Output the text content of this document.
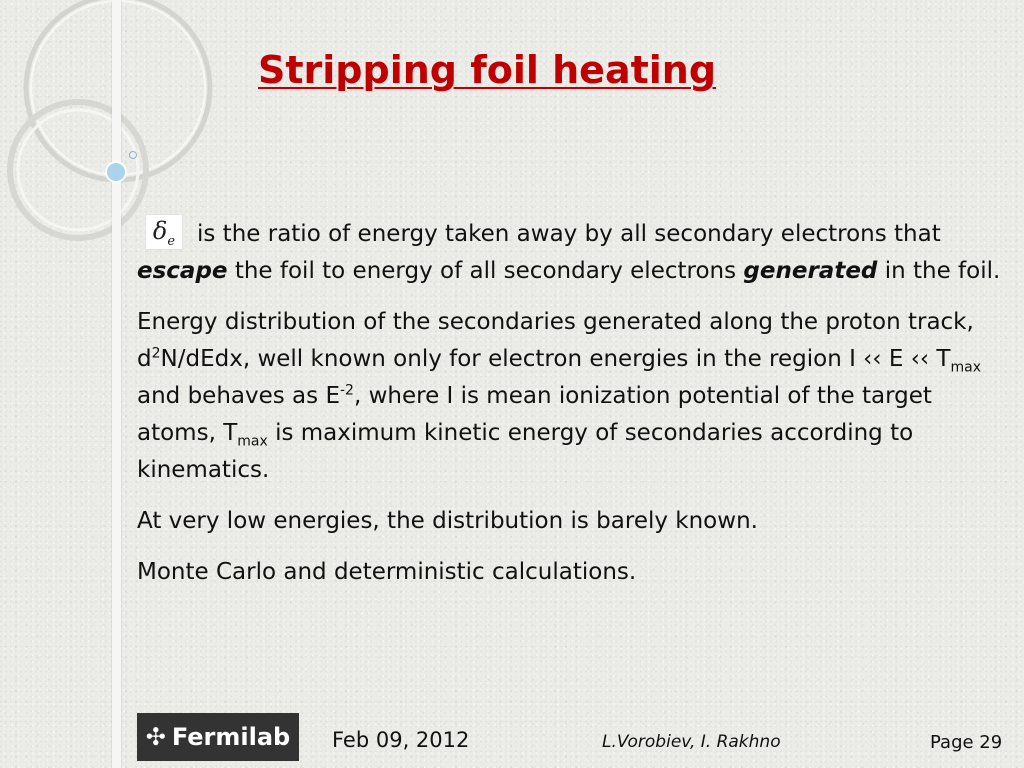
Stripping foil heating

$\delta_e$ is the ratio of energy taken away by all secondary electrons that escape the foil to energy of all secondary electrons generated in the foil.

Energy distribution of the secondaries generated along the proton track, $d^2N$/dEdx, well known only for electron energies in the region I ‹‹ E ‹‹ $T_{max}$ and behaves as $E^{-2}$, where I is mean ionization potential of the target atoms, $T_{max}$ is maximum kinetic energy of secondaries according to kinematics.

At very low energies, the distribution is barely known.

Monte Carlo and deterministic calculations.

✣ Fermilab Feb 09, 2012	L.Vorobiev, I. Rakhno	Page 29
